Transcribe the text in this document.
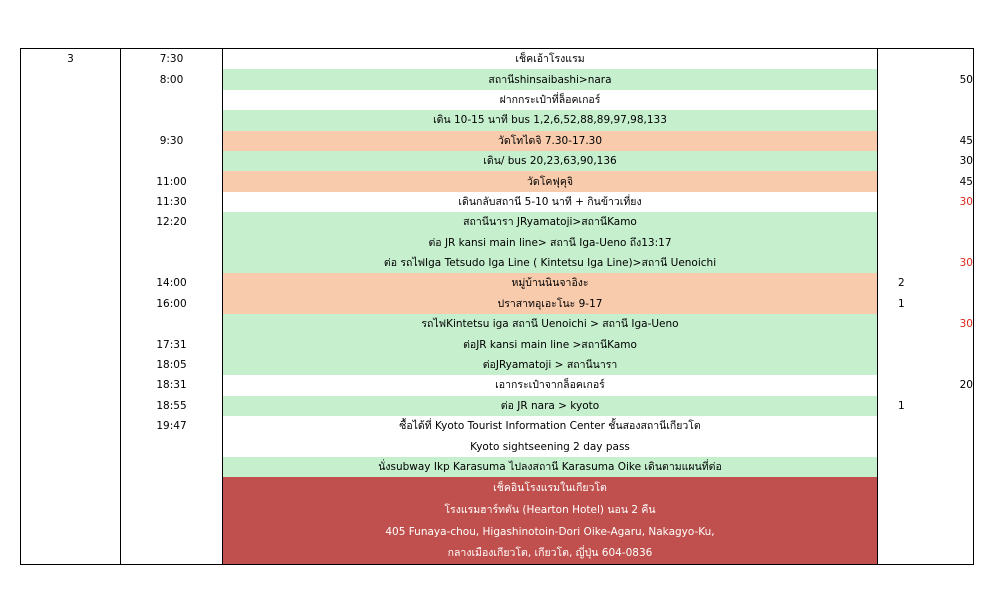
3	7:30	เช็คเอ้าโรงแรม		
	8:00	สถานีshinsaibashi>nara		50
		ฝากกระเป๋าที่ล็อคเกอร์		
		เดิน 10-15 นาที bus 1,2,6,52,88,89,97,98,133		
	9:30	วัดโทไดจิ 7.30-17.30		45
		เดิน/ bus 20,23,63,90,136		30
	11:00	วัดโคฟุคุจิ		45
	11:30	เดินกลับสถานี 5-10 นาที + กินข้าวเที่ยง		30
	12:20	สถานีนารา JRyamatoji>สถานีKamo		
		ต่อ JR kansi main line> สถานี Iga-Ueno ถึง13:17		
		ต่อ รถไฟIga Tetsudo Iga Line ( Kintetsu Iga Line)>สถานี Uenoichi		30
	14:00	หมู่บ้านนินจาอิงะ	2	
	16:00	ปราสาทอุเอะโนะ 9-17	1	
		รถไฟKintetsu iga สถานี Uenoichi > สถานี Iga-Ueno		30
	17:31	ต่อJR kansi main line >สถานีKamo		
	18:05	ต่อJRyamatoji > สถานีนารา		
	18:31	เอากระเป๋าจากล็อคเกอร์		20
	18:55	ต่อ JR nara > kyoto	1	
	19:47	ซื้อได้ที่ Kyoto Tourist Information Center ชั้นสองสถานีเกียวโต		
		Kyoto sightseening 2 day pass		
		นั่งsubway Ikp Karasuma ไปลงสถานี Karasuma Oike เดินตามแผนที่ต่อ		
		เช็คอินโรงแรมในเกียวโต		
		โรงแรมฮาร์ทตัน (Hearton Hotel) นอน 2 คืน		
		405 Funaya-chou, Higashinotoin-Dori Oike-Agaru, Nakagyo-Ku,		
		กลางเมืองเกียวโต, เกียวโต, ญี่ปุ่น 604-0836		
